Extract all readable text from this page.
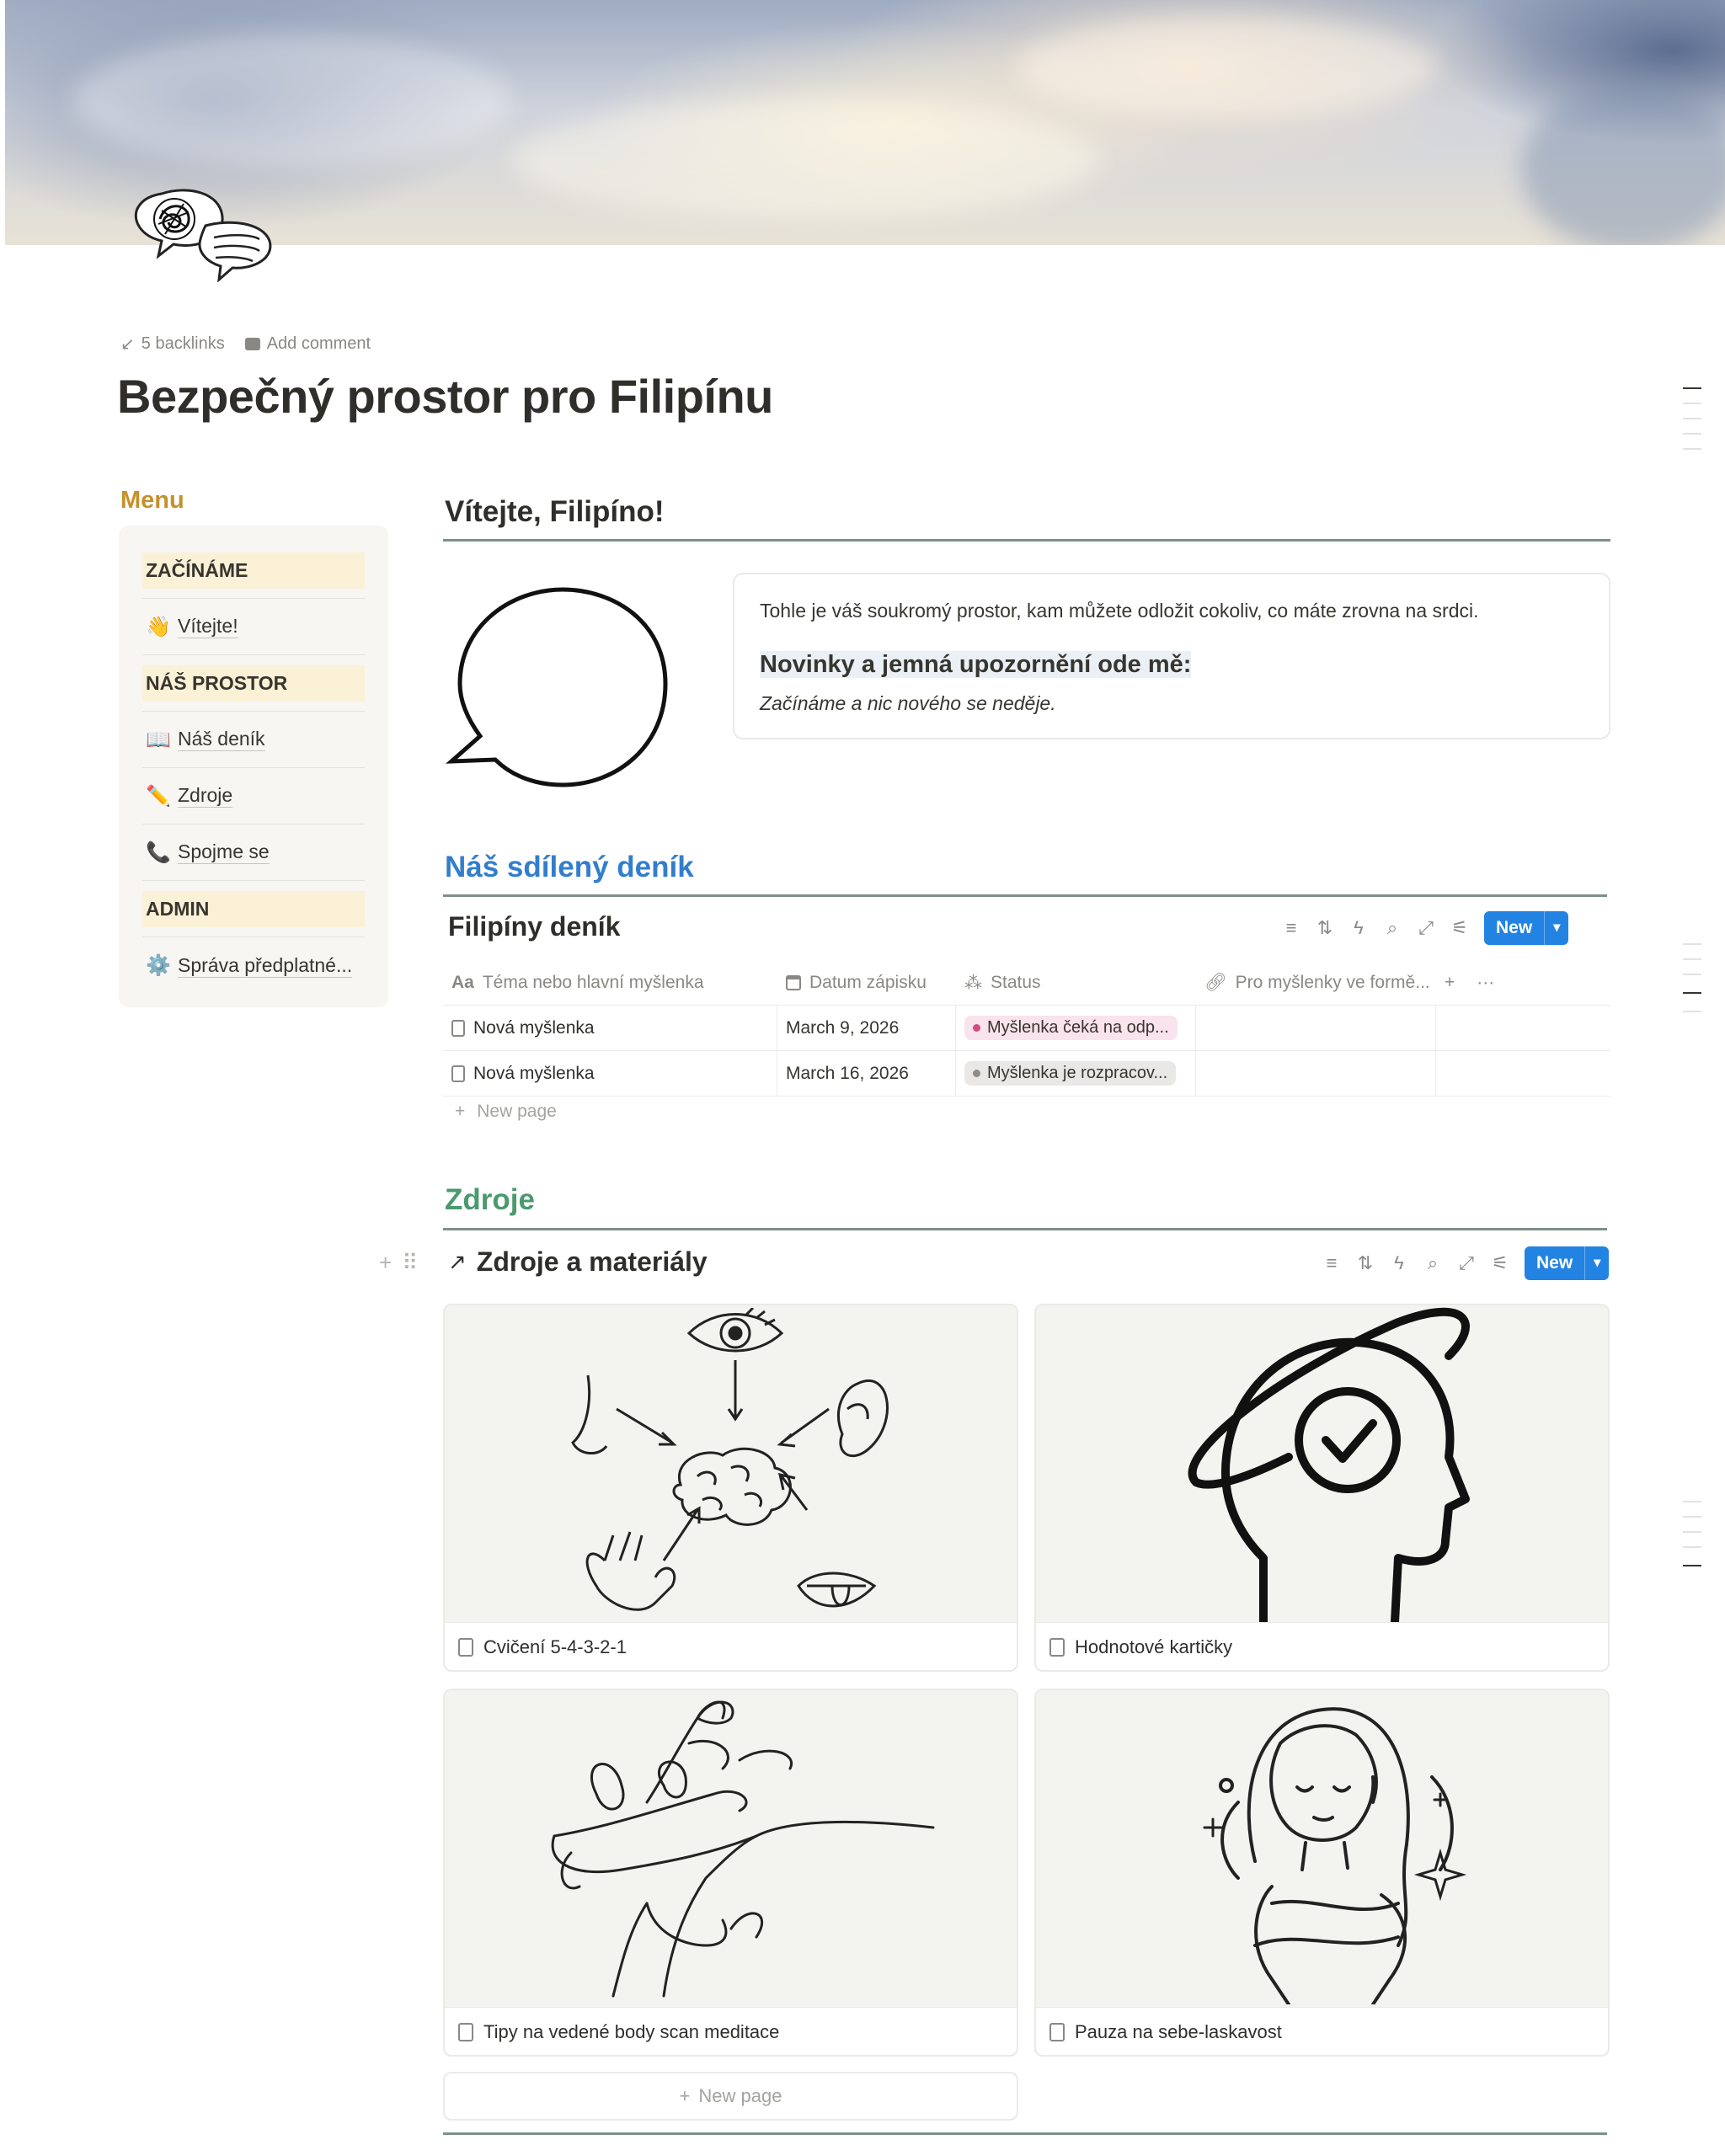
↙ 5 backlinks	Add comment
Bezpečný prostor pro Filipínu
Menu
ZAČÍNÁME
👋 Vítejte!
NÁŠ PROSTOR
📖 Náš deník
✏️ Zdroje
📞 Spojme se
ADMIN
⚙️ Správa předplatné...
Vítejte, Filipíno!
Tohle je váš soukromý prostor, kam můžete odložit cokoliv, co máte zrovna na srdci.
Novinky a jemná upozornění ode mě:
Začínáme a nic nového se neděje.
Náš sdílený deník
Filipíny deník	≡ ⇅ ϟ ⌕ ⤢ ⚟	New	▾
Aa Téma nebo hlavní myšlenka	Datum zápisku ⁂ Status	🔗︎ Pro myšlenky ve formě... + ···
Nová myšlenka	March 9, 2026	Myšlenka čeká na odp...
Nová myšlenka	March 16, 2026	Myšlenka je rozpracov...
+ New page
Zdroje
+ ⠿ ↗ Zdroje a materiály	≡ ⇅ ϟ ⌕ ⤢ ⚟	New	▾
Cvičení 5-4-3-2-1	Hodnotové kartičky
Tipy na vedené body scan meditace	Pauza na sebe-laskavost
+ New page
